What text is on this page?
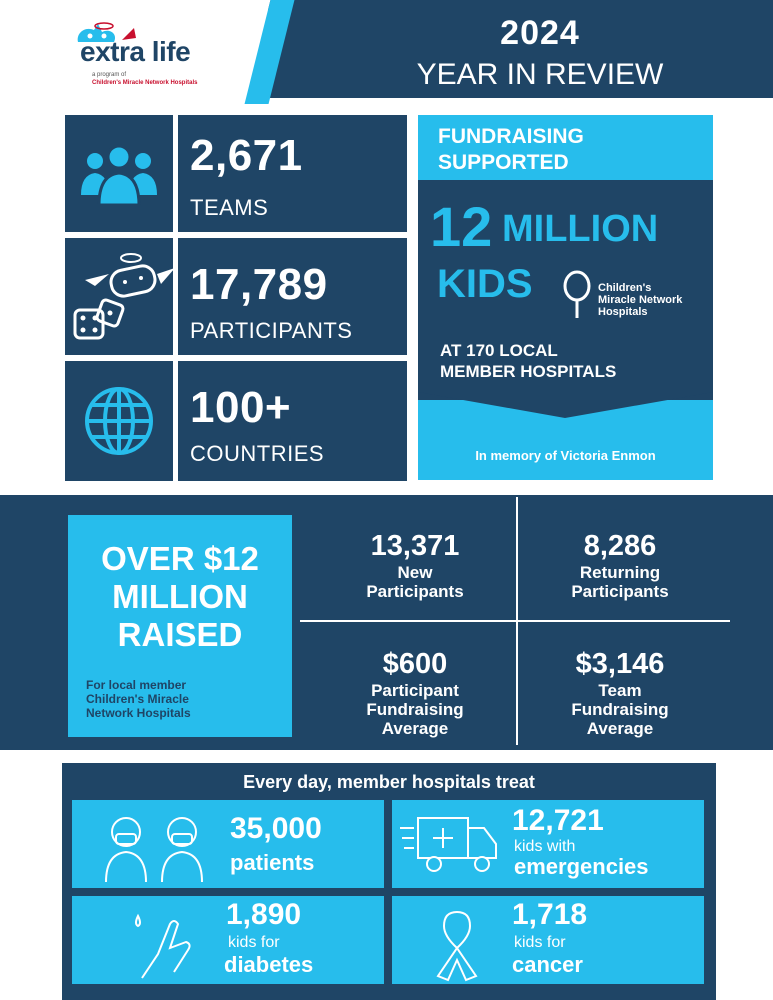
2024
YEAR IN REVIEW
extra life
a program of
Children's Miracle Network Hospitals
2,671
TEAMS
17,789
PARTICIPANTS
100+
COUNTRIES
FUNDRAISING
SUPPORTED
12 MILLION
KIDS	Children's
Miracle Network
Hospitals
AT 170 LOCAL
MEMBER HOSPITALS
In memory of Victoria Enmon
OVER $12
MILLION
RAISED
For local member
Children's Miracle
Network Hospitals
13,371
New
Participants
8,286
Returning
Participants
$600
Participant
Fundraising
Average
$3,146
Team
Fundraising
Average
Every day, member hospitals treat
35,000
patients
12,721
kids with
emergencies
1,890
kids for
diabetes
1,718
kids for
cancer
